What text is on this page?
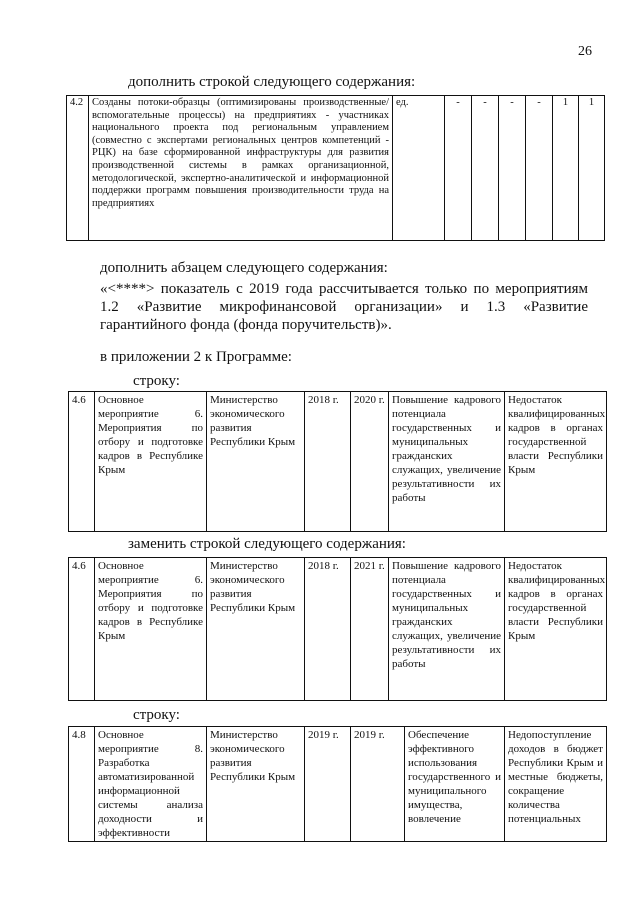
26
дополнить строкой следующего содержания:
4.2	Созданы потоки-образцы (оптимизированы производственные/вспомогательные процессы) на предприятиях - участниках национального проекта под региональным управлением (совместно с экспертами региональных центров компетенций - РЦК) на базе сформированной инфраструктуры для развития производственной системы в рамках организационной, методологической, экспертно-аналитической и информационной поддержки программ повышения производительности труда на предприятиях	ед.	-	-	-	-	1	1
дополнить абзацем следующего содержания:
«<****> показатель с 2019 года рассчитывается только по мероприятиям 1.2 «Развитие микрофинансовой организации» и 1.3 «Развитие гарантийного фонда (фонда поручительств)».
в приложении 2 к Программе:
строку:
4.6	Основное мероприятие 6. Мероприятия по отбору и подготовке кадров в Республике Крым	Министерство экономического развития Республики Крым	2018 г.	2020 г.	Повышение кадрового потенциала государственных и муниципальных гражданских служащих, увеличение результативности их работы	Недостаток квалифицированных кадров в органах государственной власти Республики Крым
заменить строкой следующего содержания:
4.6	Основное мероприятие 6. Мероприятия по отбору и подготовке кадров в Республике Крым	Министерство экономического развития Республики Крым	2018 г.	2021 г.	Повышение кадрового потенциала государственных и муниципальных гражданских служащих, увеличение результативности их работы	Недостаток квалифицированных кадров в органах государственной власти Республики Крым
строку:
4.8	Основное мероприятие 8. Разработка автоматизированной информационной системы анализа доходности и эффективности	Министерство экономического развития Республики Крым	2019 г.	2019 г.	Обеспечение эффективного использования государственного и муниципального имущества, вовлечение	Недопоступление доходов в бюджет Республики Крым и местные бюджеты, сокращение количества потенциальных
